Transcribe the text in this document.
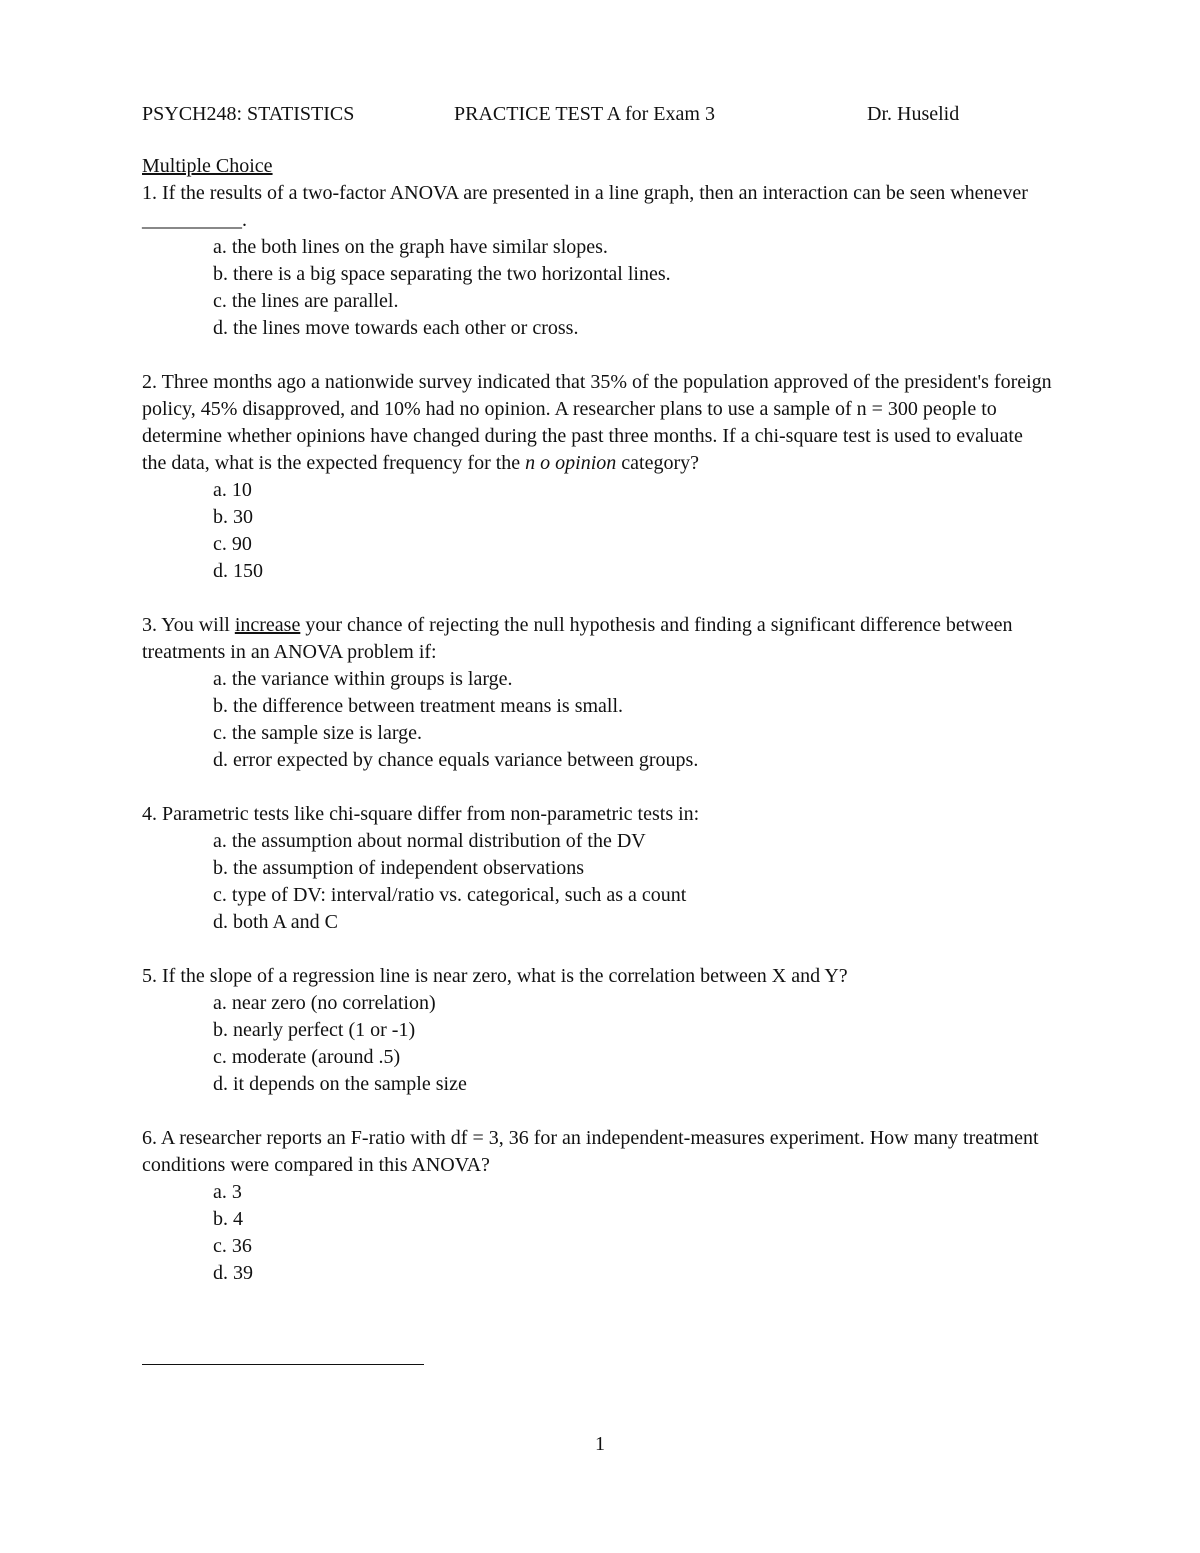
PSYCH248: STATISTICS	PRACTICE TEST A for Exam 3	Dr. Huselid
Multiple Choice
1. If the results of a two-factor ANOVA are presented in a line graph, then an interaction can be seen whenever __________.
a. the both lines on the graph have similar slopes.
b. there is a big space separating the two horizontal lines.
c. the lines are parallel.
d. the lines move towards each other or cross.
2. Three months ago a nationwide survey indicated that 35% of the population approved of the president's foreign policy, 45% disapproved, and 10% had no opinion. A researcher plans to use a sample of n = 300 people to determine whether opinions have changed during the past three months. If a chi-square test is used to evaluate the data, what is the expected frequency for the n o opinion category?
a. 10
b. 30
c. 90
d. 150
3. You will increase your chance of rejecting the null hypothesis and finding a significant difference between treatments in an ANOVA problem if:
a. the variance within groups is large.
b. the difference between treatment means is small.
c. the sample size is large.
d. error expected by chance equals variance between groups.
4. Parametric tests like chi-square differ from non-parametric tests in:
a. the assumption about normal distribution of the DV
b. the assumption of independent observations
c. type of DV: interval/ratio vs. categorical, such as a count
d. both A and C
5. If the slope of a regression line is near zero, what is the correlation between X and Y?
a. near zero (no correlation)
b. nearly perfect (1 or -1)
c. moderate (around .5)
d. it depends on the sample size
6. A researcher reports an F-ratio with df = 3, 36 for an independent-measures experiment. How many treatment conditions were compared in this ANOVA?
a. 3
b. 4
c. 36
d. 39
1
